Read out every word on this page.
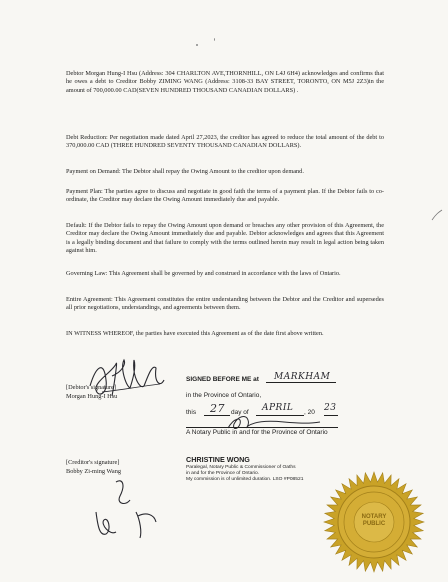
Debtor Morgan Hung-I Hsu (Address: 304 CHARLTON AVE,THORNHILL, ON L4J 6H4) acknowledges and confirms that he owes a debt to Creditor Bobby ZIMING WANG (Address: 3108-33 BAY STREET, TORONTO, ON M5J 2Z3)in the amount of 700,000.00 CAD(SEVEN HUNDRED THOUSAND CANADIAN DOLLARS) .

Debt Reduction: Per negotiation made dated April 27,2023, the creditor has agreed to reduce the total amount of the debt to 370,000.00 CAD (THREE HUNDRED SEVENTY THOUSAND CANADIAN DOLLARS).

Payment on Demand: The Debtor shall repay the Owing Amount to the creditor upon demand.

Payment Plan: The parties agree to discuss and negotiate in good faith the terms of a payment plan. If the Debtor fails to co-ordinate, the Creditor may declare the Owing Amount immediately due and payable.

Default: If the Debtor fails to repay the Owing Amount upon demand or breaches any other provision of this Agreement, the Creditor may declare the Owing Amount immediately due and payable. Debtor acknowledges and agrees that this Agreement is a legally binding document and that failure to comply with the terms outlined herein may result in legal action being taken against him.

Governing Law: This Agreement shall be governed by and construed in accordance with the laws of Ontario.

Entire Agreement: This Agreement constitutes the entire understanding between the Debtor and the Creditor and supersedes all prior negotiations, understandings, and agreements between them.

IN WITNESS WHEREOF, the parties have executed this Agreement as of the date first above written.

[Debtor's signature]
Morgan Hung-I Hsu
SIGNED BEFORE ME at MARKHAM
in the Province of Ontario,
this 27 day of APRIL , 20 23
A Notary Public in and for the Province of Ontario
[Creditor's signature]
Bobby Zi-ming Wang
CHRISTINE WONG
Paralegal, Notary Public & Commissioner of Oaths
in and for the Province of Ontario.
My commission is of unlimited duration. LSO #P08521
NOTARY
PUBLIC
